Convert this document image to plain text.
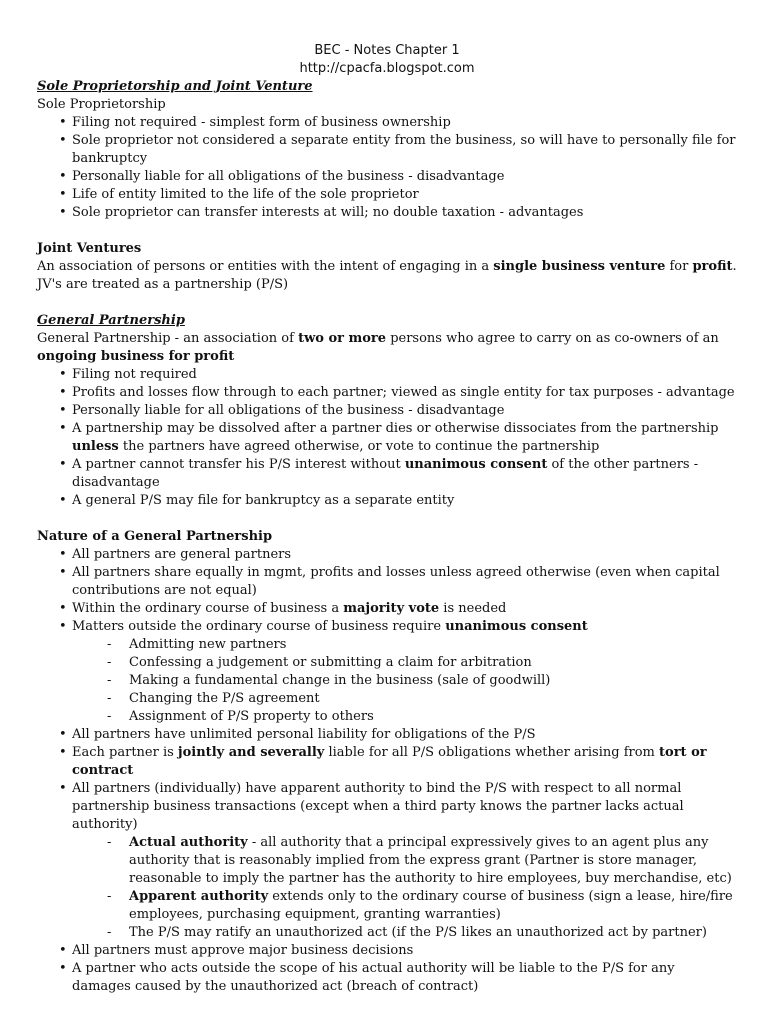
BEC - Notes Chapter 1
http://cpacfa.blogspot.com
Sole Proprietorship and Joint Venture
Sole Proprietorship
• Filing not required - simplest form of business ownership
• Sole proprietor not considered a separate entity from the business, so will have to personally file for bankruptcy
• Personally liable for all obligations of the business - disadvantage
• Life of entity limited to the life of the sole proprietor
• Sole proprietor can transfer interests at will; no double taxation - advantages
Joint Ventures
An association of persons or entities with the intent of engaging in a single business venture for profit. JV's are treated as a partnership (P/S)
General Partnership
General Partnership - an association of two or more persons who agree to carry on as co-owners of an ongoing business for profit
• Filing not required
• Profits and losses flow through to each partner; viewed as single entity for tax purposes - advantage
• Personally liable for all obligations of the business - disadvantage
• A partnership may be dissolved after a partner dies or otherwise dissociates from the partnership unless the partners have agreed otherwise, or vote to continue the partnership
• A partner cannot transfer his P/S interest without unanimous consent of the other partners - disadvantage
• A general P/S may file for bankruptcy as a separate entity
Nature of a General Partnership
• All partners are general partners
• All partners share equally in mgmt, profits and losses unless agreed otherwise (even when capital contributions are not equal)
• Within the ordinary course of business a majority vote is needed
• Matters outside the ordinary course of business require unanimous consent
- Admitting new partners
- Confessing a judgement or submitting a claim for arbitration
- Making a fundamental change in the business (sale of goodwill)
- Changing the P/S agreement
- Assignment of P/S property to others
• All partners have unlimited personal liability for obligations of the P/S
• Each partner is jointly and severally liable for all P/S obligations whether arising from tort or contract
• All partners (individually) have apparent authority to bind the P/S with respect to all normal partnership business transactions (except when a third party knows the partner lacks actual authority)
- Actual authority - all authority that a principal expressively gives to an agent plus any authority that is reasonably implied from the express grant (Partner is store manager, reasonable to imply the partner has the authority to hire employees, buy merchandise, etc)
- Apparent authority extends only to the ordinary course of business (sign a lease, hire/fire employees, purchasing equipment, granting warranties)
- The P/S may ratify an unauthorized act (if the P/S likes an unauthorized act by partner)
• All partners must approve major business decisions
• A partner who acts outside the scope of his actual authority will be liable to the P/S for any damages caused by the unauthorized act (breach of contract)
